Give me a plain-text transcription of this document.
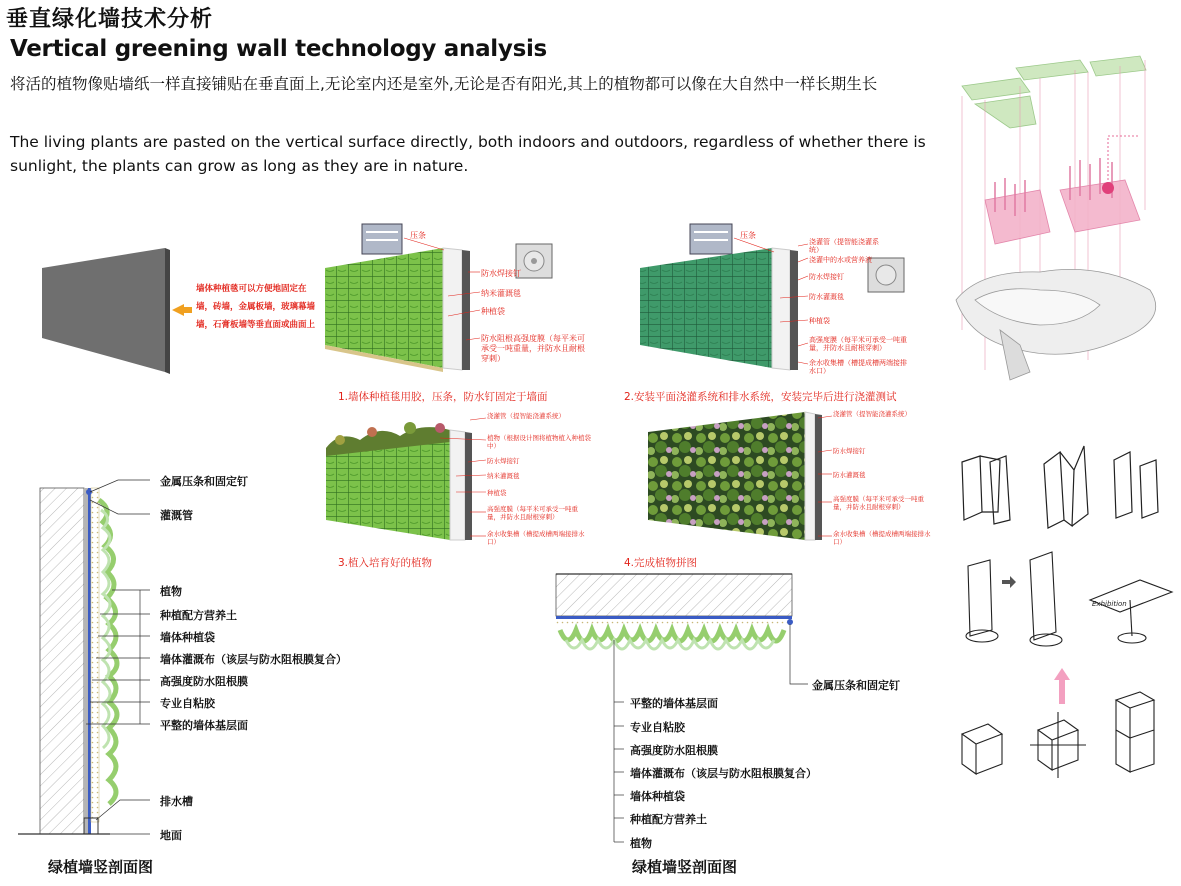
垂直绿化墙技术分析
Vertical greening wall technology analysis
将活的植物像贴墙纸一样直接铺贴在垂直面上,无论室内还是室外,无论是否有阳光,其上的植物都可以像在大自然中一样长期生长
The living plants are pasted on the vertical surface directly, both indoors and outdoors, regardless of whether there is sunlight, the plants can grow as long as they are in nature.
墙体种植毯可以方便地固定在
墙，砖墙，金属板墙，玻璃幕墙
墙，石膏板墙等垂直面或曲面上
压条
防水焊接钉
纳米灌溉毯
种植袋
防水阻根高强度膜（每平米可承受一吨重量，并防水且耐根穿刺）
1.墙体种植毯用胶，压条，防水钉固定于墙面
压条
浇灌管（提智能浇灌系统）
浇灌中的水或营养液
防水焊接钉
防水灌溉毯
种植袋
高强度膜（每平米可承受一吨重量，并防水且耐根穿刺）
余水收集槽（槽提成槽两端接排水口）
2.安装平面浇灌系统和排水系统，安装完毕后进行浇灌测试
浇灌管（提智能浇灌系统）
植物（根据设计图将植物植入种植袋中）
防水焊接钉
纳米灌溉毯
种植袋
高强度膜（每平米可承受一吨重量，并防水且耐根穿刺）
余水收集槽（槽提成槽两端接排水口）
3.植入培育好的植物
浇灌管（提智能浇灌系统）
防水焊接钉
防水灌溉毯
高强度膜（每平米可承受一吨重量，并防水且耐根穿刺）
余水收集槽（槽提成槽两端接排水口）
4.完成植物拼图
金属压条和固定钉
灌溉管
植物
种植配方营养土
墙体种植袋
墙体灌溉布（该层与防水阻根膜复合）
高强度防水阻根膜
专业自粘胶
平整的墙体基层面
排水槽
地面
绿植墙竖剖面图
金属压条和固定钉
平整的墙体基层面
专业自粘胶
高强度防水阻根膜
墙体灌溉布（该层与防水阻根膜复合）
墙体种植袋
种植配方营养土
植物
绿植墙竖剖面图
Exhibition
